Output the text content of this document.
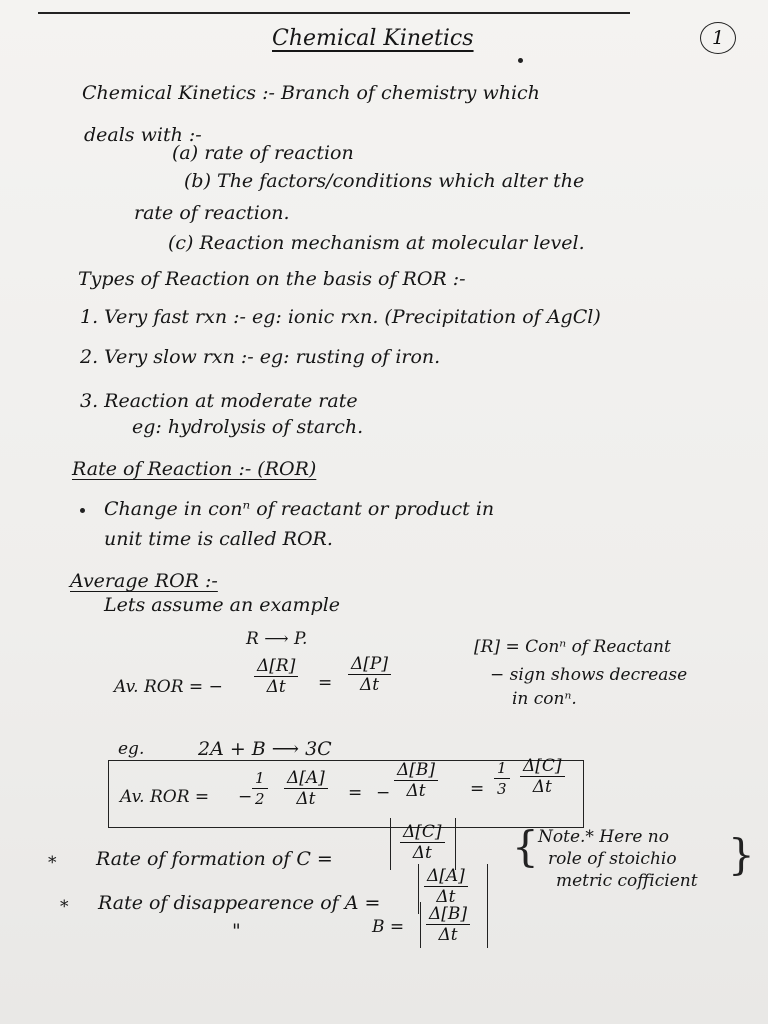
Chemical Kinetics	1
Chemical Kinetics :- Branch of chemistry which
deals with :-
(a) rate of reaction
(b) The factors/conditions which alter the
rate of reaction.
(c) Reaction mechanism at molecular level.
Types of Reaction on the basis of ROR :-
1. Very fast rxn :- eg: ionic rxn. (Precipitation of AgCl)
2. Very slow rxn :- eg: rusting of iron.
3. Reaction at moderate rate
eg: hydrolysis of starch.
Rate of Reaction :- (ROR)
Change in conⁿ of reactant or product in
unit time is called ROR.
Average ROR :-
Lets assume an example
R ⟶ P.
Av. ROR = − $\frac{\Delta[R]}{\Delta t} = \frac{\Delta[P]}{\Delta t}$
[R] = Conⁿ of Reactant
− sign shows decrease
in conⁿ.
eg.	2A + B ⟶ 3C
Av. ROR = − $\frac{1}{2} \frac{\Delta[A]}{\Delta t}$ = − $\frac{\Delta[B]}{\Delta t} = \frac{1}{3} \frac{\Delta[C]}{\Delta t}$
* Rate of formation of C =	$\frac{\Delta[C]}{\Delta t}$
* Rate of disappearence of A =	$\frac{\Delta[A]}{\Delta t}$
"	$B = \frac{\Delta[B]}{\Delta t}$
{ Note.* Here no
role of stoichio
metric cofficient
}
